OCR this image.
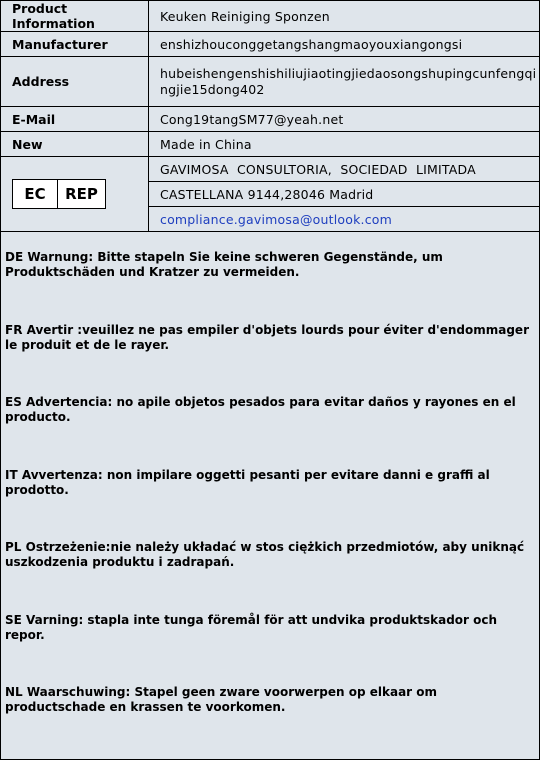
Product Information	Keuken Reiniging Sponzen
Manufacturer	enshizhoucongge​tangshangmaoyouxiangongsi
Address	hubeishengenshishiliujiaotingjiedaosongshupingcunfengqingjie15dong402
E-Mail	Cong19tangSM77@yeah.net
New	Made in China

EC REP	GAVIMOSA  CONSULTORIA,  SOCIEDAD  LIMITADA
	CASTELLANA 9144,28046 Madrid
	compliance.gavimosa@outlook.com

DE Warnung: Bitte stapeln Sie keine schweren Gegenstände, um Produktschäden und Kratzer zu vermeiden.

FR Avertir :veuillez ne pas empiler d'objets lourds pour éviter d'endommager le produit et de le rayer.

ES Advertencia: no apile objetos pesados para evitar daños y rayones en el producto.

IT Avvertenza: non impilare oggetti pesanti per evitare danni e graffi al prodotto.

PL Ostrzeżenie:nie należy układać w stos ciężkich przedmiotów, aby uniknąć uszkodzenia produktu i zadrapań.

SE Varning: stapla inte tunga föremål för att undvika produktskador och repor.

NL Waarschuwing: Stapel geen zware voorwerpen op elkaar om productschade en krassen te voorkomen.
